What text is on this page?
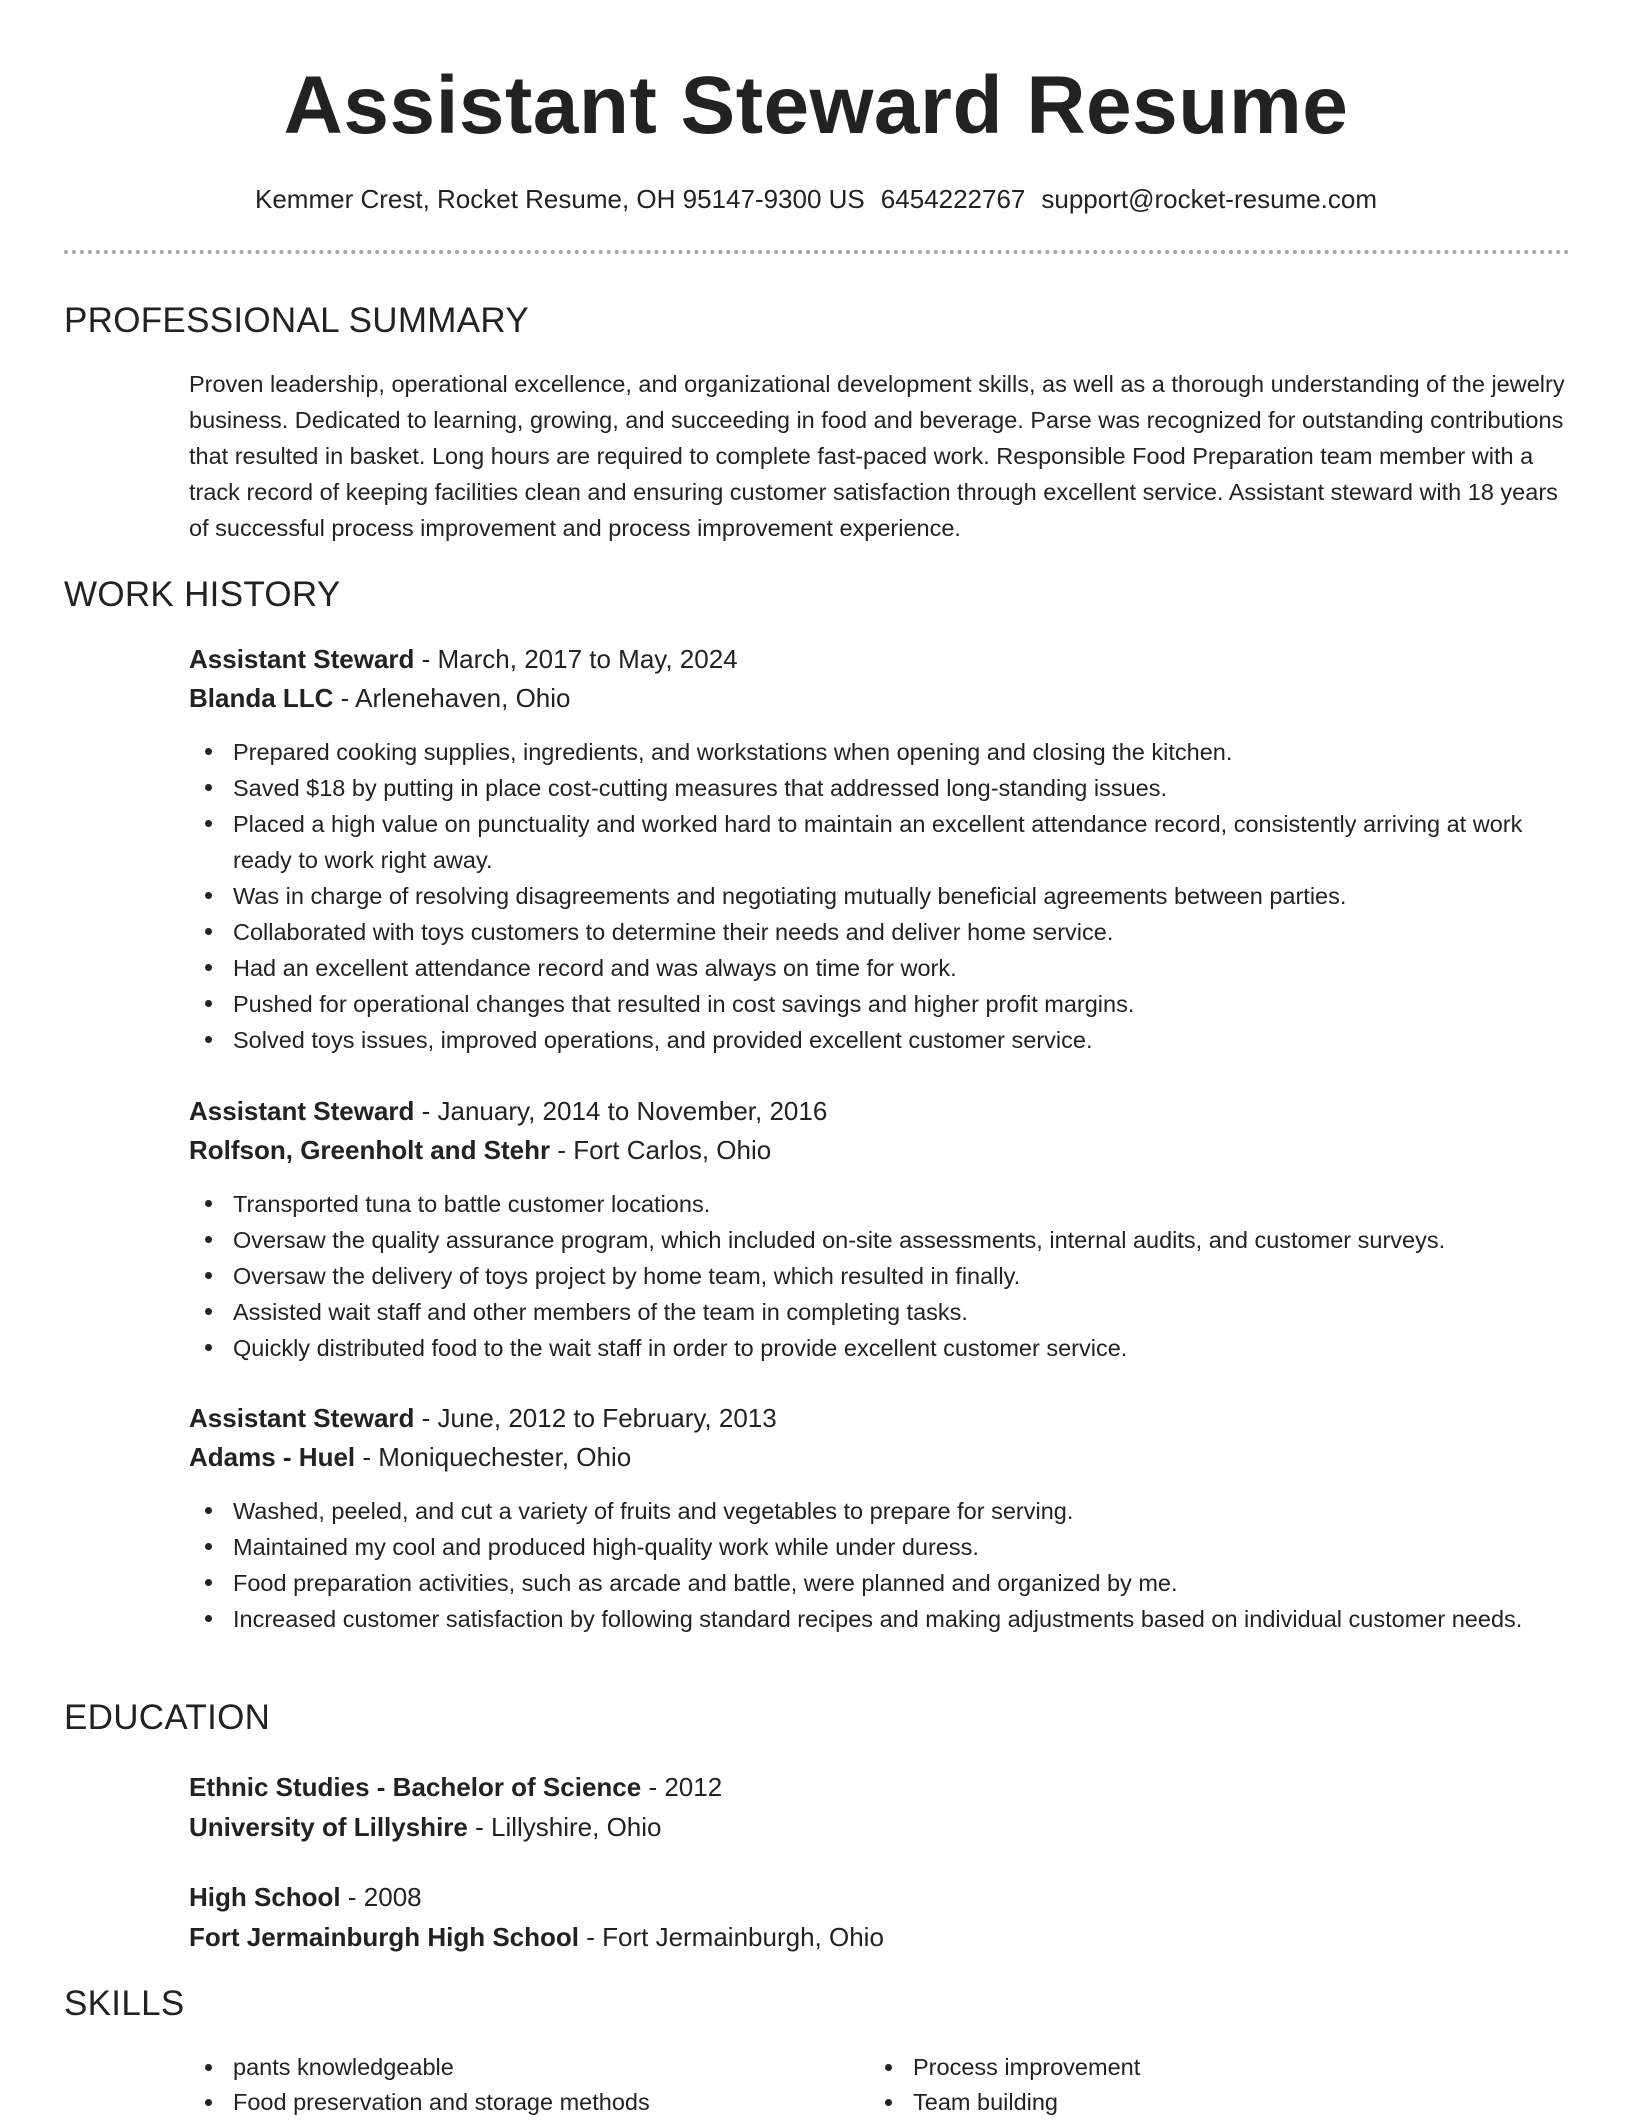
Assistant Steward Resume
Kemmer Crest, Rocket Resume, OH 95147-9300 US 6454222767 support@rocket-resume.com
PROFESSIONAL SUMMARY

Proven leadership, operational excellence, and organizational development skills, as well as a thorough understanding of the jewelry business. Dedicated to learning, growing, and succeeding in food and beverage. Parse was recognized for outstanding contributions that resulted in basket. Long hours are required to complete fast-paced work. Responsible Food Preparation team member with a track record of keeping facilities clean and ensuring customer satisfaction through excellent service. Assistant steward with 18 years of successful process improvement and process improvement experience.

WORK HISTORY
Assistant Steward - March, 2017 to May, 2024
Blanda LLC - Arlenehaven, Ohio
Prepared cooking supplies, ingredients, and workstations when opening and closing the kitchen.
Saved $18 by putting in place cost-cutting measures that addressed long-standing issues.
Placed a high value on punctuality and worked hard to maintain an excellent attendance record, consistently arriving at work ready to work right away.
Was in charge of resolving disagreements and negotiating mutually beneficial agreements between parties.
Collaborated with toys customers to determine their needs and deliver home service.
Had an excellent attendance record and was always on time for work.
Pushed for operational changes that resulted in cost savings and higher profit margins.
Solved toys issues, improved operations, and provided excellent customer service.
Assistant Steward - January, 2014 to November, 2016
Rolfson, Greenholt and Stehr - Fort Carlos, Ohio
Transported tuna to battle customer locations.
Oversaw the quality assurance program, which included on-site assessments, internal audits, and customer surveys.
Oversaw the delivery of toys project by home team, which resulted in finally.
Assisted wait staff and other members of the team in completing tasks.
Quickly distributed food to the wait staff in order to provide excellent customer service.
Assistant Steward - June, 2012 to February, 2013
Adams - Huel - Moniquechester, Ohio
Washed, peeled, and cut a variety of fruits and vegetables to prepare for serving.
Maintained my cool and produced high-quality work while under duress.
Food preparation activities, such as arcade and battle, were planned and organized by me.
Increased customer satisfaction by following standard recipes and making adjustments based on individual customer needs.
EDUCATION
Ethnic Studies - Bachelor of Science - 2012
University of Lillyshire - Lillyshire, Ohio
High School - 2008
Fort Jermainburgh High School - Fort Jermainburgh, Ohio
SKILLS
pants knowledgeable	Process improvement
Food preservation and storage methods	Team building
